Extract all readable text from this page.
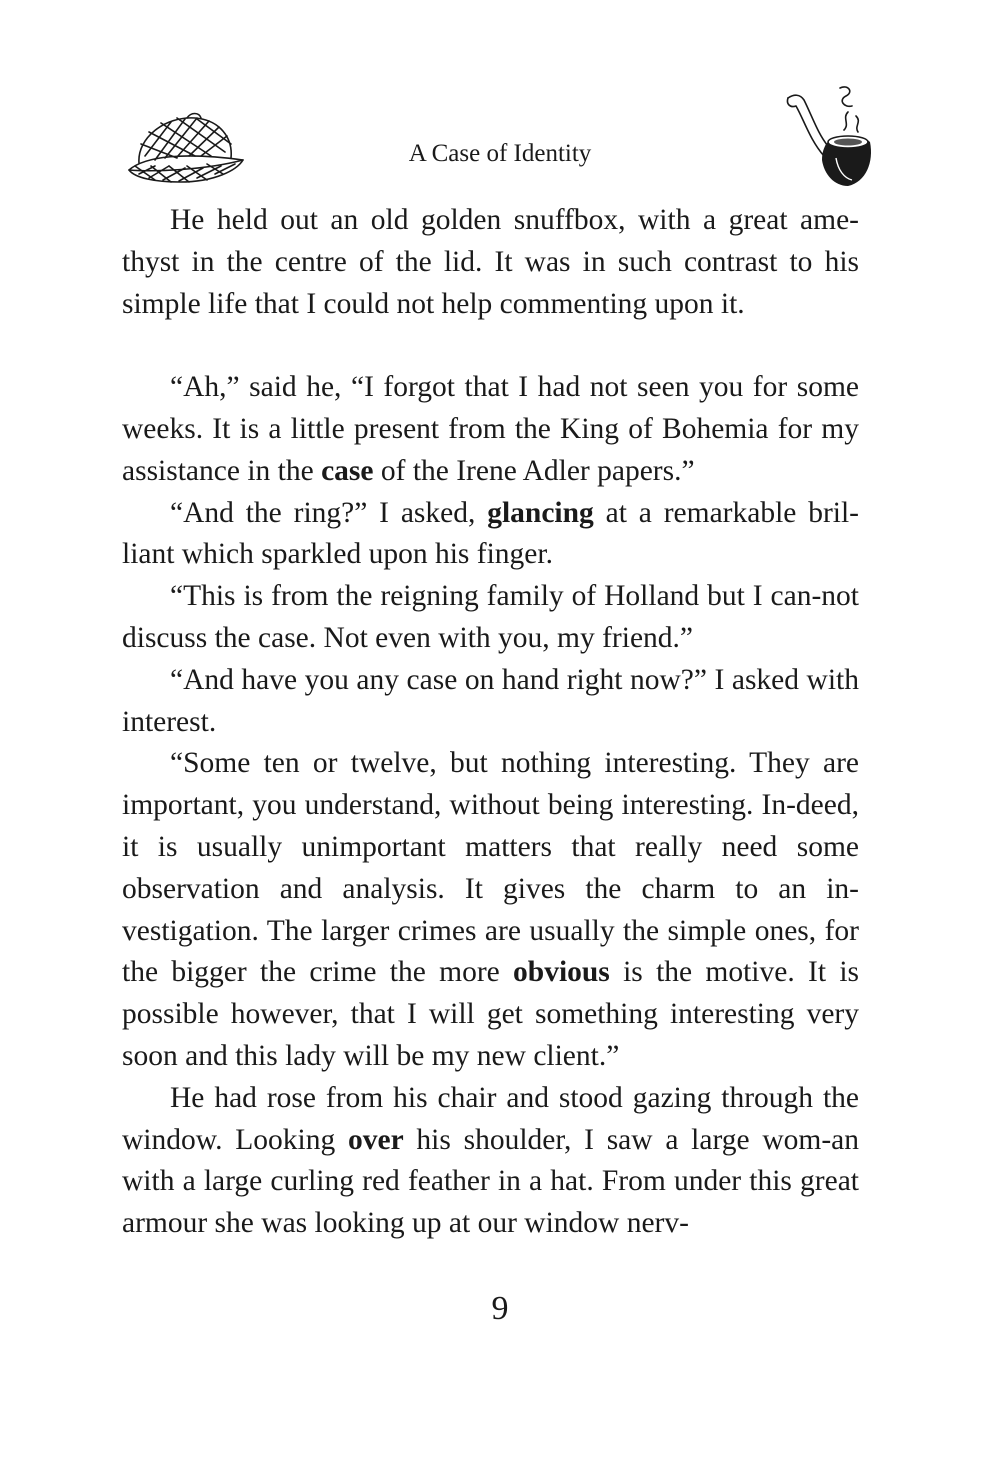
A Case of Identity

He held out an old golden snuffbox, with a great ame-thyst in the centre of the lid. It was in such contrast to his simple life that I could not help commenting upon it.

“Ah,” said he, “I forgot that I had not seen you for some weeks. It is a little present from the King of Bohemia for my assistance in the case of the Irene Adler papers.”

“And the ring?” I asked, glancing at a remarkable bril-liant which sparkled upon his finger.

“This is from the reigning family of Holland but I can-not discuss the case. Not even with you, my friend.”

“And have you any case on hand right now?” I asked with interest.

“Some ten or twelve, but nothing interesting. They are important, you understand, without being interesting. In-deed, it is usually unimportant matters that really need some observation and analysis. It gives the charm to an in-vestigation. The larger crimes are usually the simple ones, for the bigger the crime the more obvious is the motive. It is possible however, that I will get something interesting very soon and this lady will be my new client.”

He had rose from his chair and stood gazing through the window. Looking over his shoulder, I saw a large wom-an with a large curling red feather in a hat. From under this great armour she was looking up at our window nerv-

9
